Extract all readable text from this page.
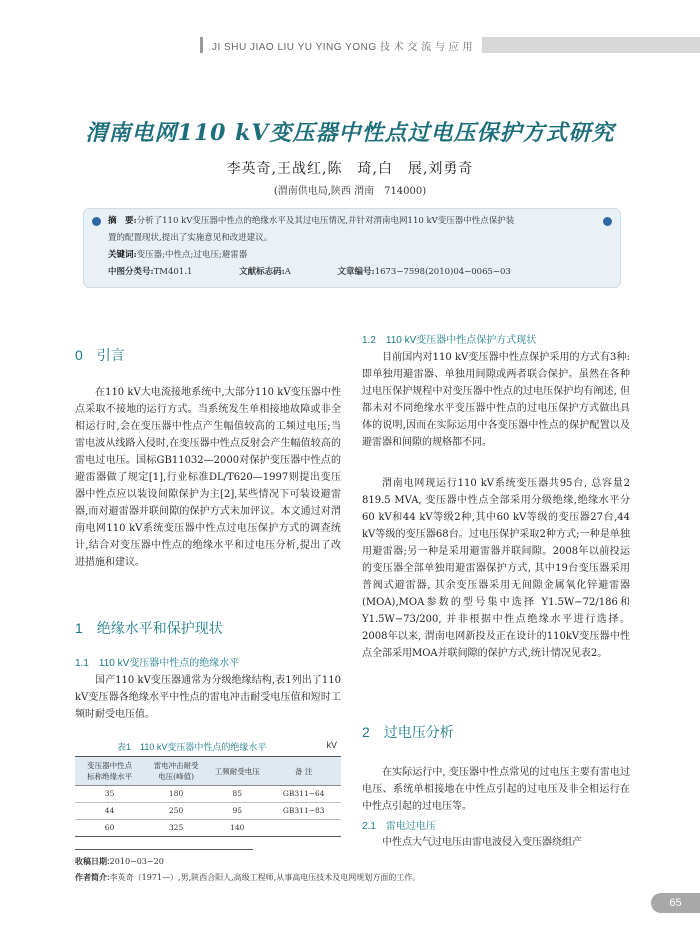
JI SHU JIAO LIU YU YING YONG 技 术 交 流 与 应 用
渭南电网110 kV变压器中性点过电压保护方式研究
李英奇,王战红,陈　琦,白　展,刘勇奇
(渭南供电局,陕西 渭南　714000)
摘　要:分析了110 kV变压器中性点的绝缘水平及其过电压情况,并针对渭南电网110 kV变压器中性点保护装
置的配置现状,提出了实施意见和改进建议。
关键词:变压器;中性点;过电压;避雷器
中图分类号:TM401.1	文献标志码:A	文章编号:1673−7598(2010)04−0065−03
0　引言

在110 kV大电流接地系统中,大部分110 kV变压器中性点采取不接地的运行方式。当系统发生单相接地故障或非全相运行时,会在变压器中性点产生幅值较高的工频过电压;当雷电波从线路入侵时,在变压器中性点反射会产生幅值较高的雷电过电压。国标GB11032—2000对保护变压器中性点的避雷器做了规定[1],行业标准DL/T620—1997则提出变压器中性点应以装设间隙保护为主[2],某些情况下可装设避雷器,而对避雷器并联间隙的保护方式未加评议。本文通过对渭南电网110 kV系统变压器中性点过电压保护方式的调查统计,结合对变压器中性点的绝缘水平和过电压分析,提出了改进措施和建议。

1　绝缘水平和保护现状
1.1　110 kV变压器中性点的绝缘水平

国产110 kV变压器通常为分级绝缘结构,表1列出了110 kV变压器各绝缘水平中性点的雷电冲击耐受电压值和短时工频时耐受电压值。

表1　110 kV变压器中性点的绝缘水平	kV
变压器中性点
标称绝缘水平	雷电冲击耐受
电压(峰值)	工频耐受电压	备 注
35	180	85	GB311−64
44	250	95	GB311−83
60	325	140	
1.2　110 kV变压器中性点保护方式现状

目前国内对110 kV变压器中性点保护采用的方式有3种: 即单独用避雷器、单独用间隙或两者联合保护。虽然在各种过电压保护规程中对变压器中性点的过电压保护均有阐述, 但都未对不同绝缘水平变压器中性点的过电压保护方式做出具体的说明,因而在实际运用中各变压器中性点的保护配置以及避雷器和间隙的规格都不同。

渭南电网现运行110 kV系统变压器共95台, 总容量2 819.5 MVA, 变压器中性点全部采用分级绝缘,绝缘水平分60 kV和44 kV等级2种,其中60 kV等级的变压器27台,44 kV等级的变压器68台。过电压保护采取2种方式;一种是单独用避雷器;另一种是采用避雷器并联间隙。2008年以前投运的变压器全部单独用避雷器保护方式, 其中19台变压器采用普阀式避雷器, 其余变压器采用无间隙金属氧化锌避雷器(MOA),MOA参数的型号集中选择 Y1.5W−72/186和Y1.5W−73/200, 并非根据中性点绝缘水平进行选择。2008年以来, 渭南电网新投及正在设计的110kV变压器中性点全部采用MOA并联间隙的保护方式,统计情况见表2。

2　过电压分析

在实际运行中, 变压器中性点常见的过电压主要有雷电过电压、系统单相接地在中性点引起的过电压及非全相运行在中性点引起的过电压等。

2.1　雷电过电压

中性点大气过电压由雷电波侵入变压器绕组产

收稿日期:2010−03−20
作者简介:李英奇（1971—）,男,陕西合阳人,高级工程师,从事高电压技术及电网规划方面的工作。
65
